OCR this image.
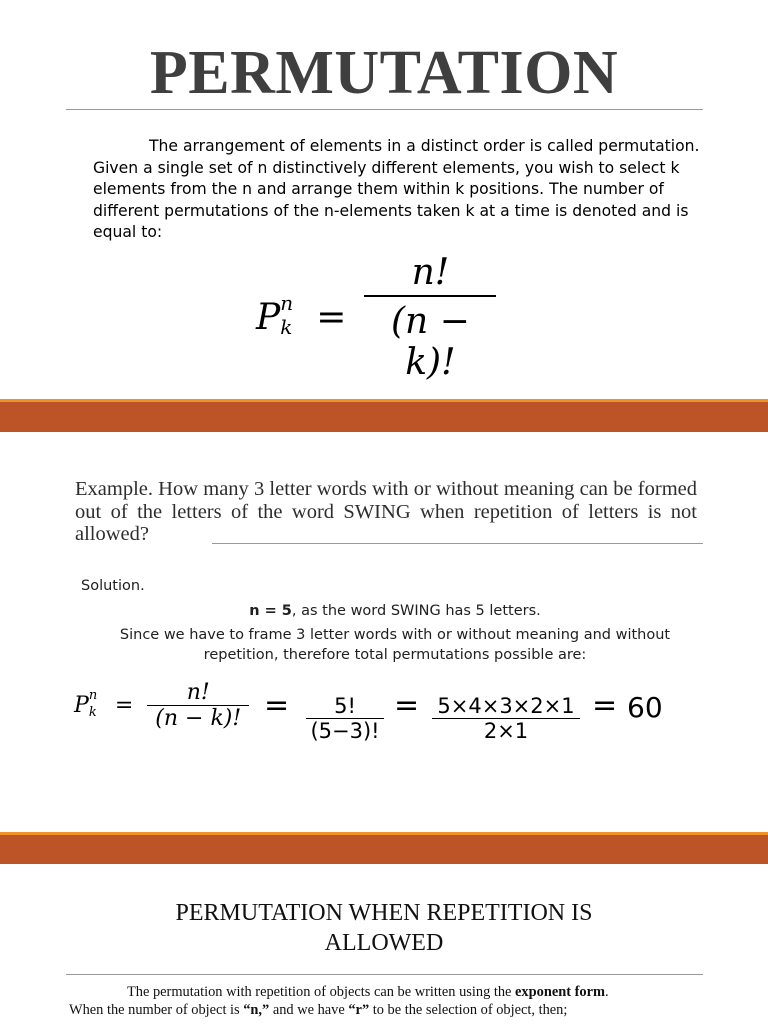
PERMUTATION
The arrangement of elements in a distinct order is called permutation. Given a single set of n distinctively different elements, you wish to select k elements from the n and arrange them within k positions. The number of different permutations of the n-elements taken k at a time is denoted and is equal to:
P n
$k = \frac{n!}{(n - k)!}$
Example. How many 3 letter words with or without meaning can be formed out of the letters of the word SWING when repetition of letters is not allowed?
Solution.
n = 5, as the word SWING has 5 letters.
Since we have to frame 3 letter words with or without meaning and without repetition, therefore total permutations possible are:
P n
$k = \frac{n!}{(n - k)!} = \frac{5!}{(5-3)!} = \frac{5\times 4\times 3\times 2\times 1}{2\times 1} = 60$
PERMUTATION WHEN REPETITION IS ALLOWED
The permutation with repetition of objects can be written using the exponent form.
When the number of object is “n,” and we have “r” to be the selection of object, then;
